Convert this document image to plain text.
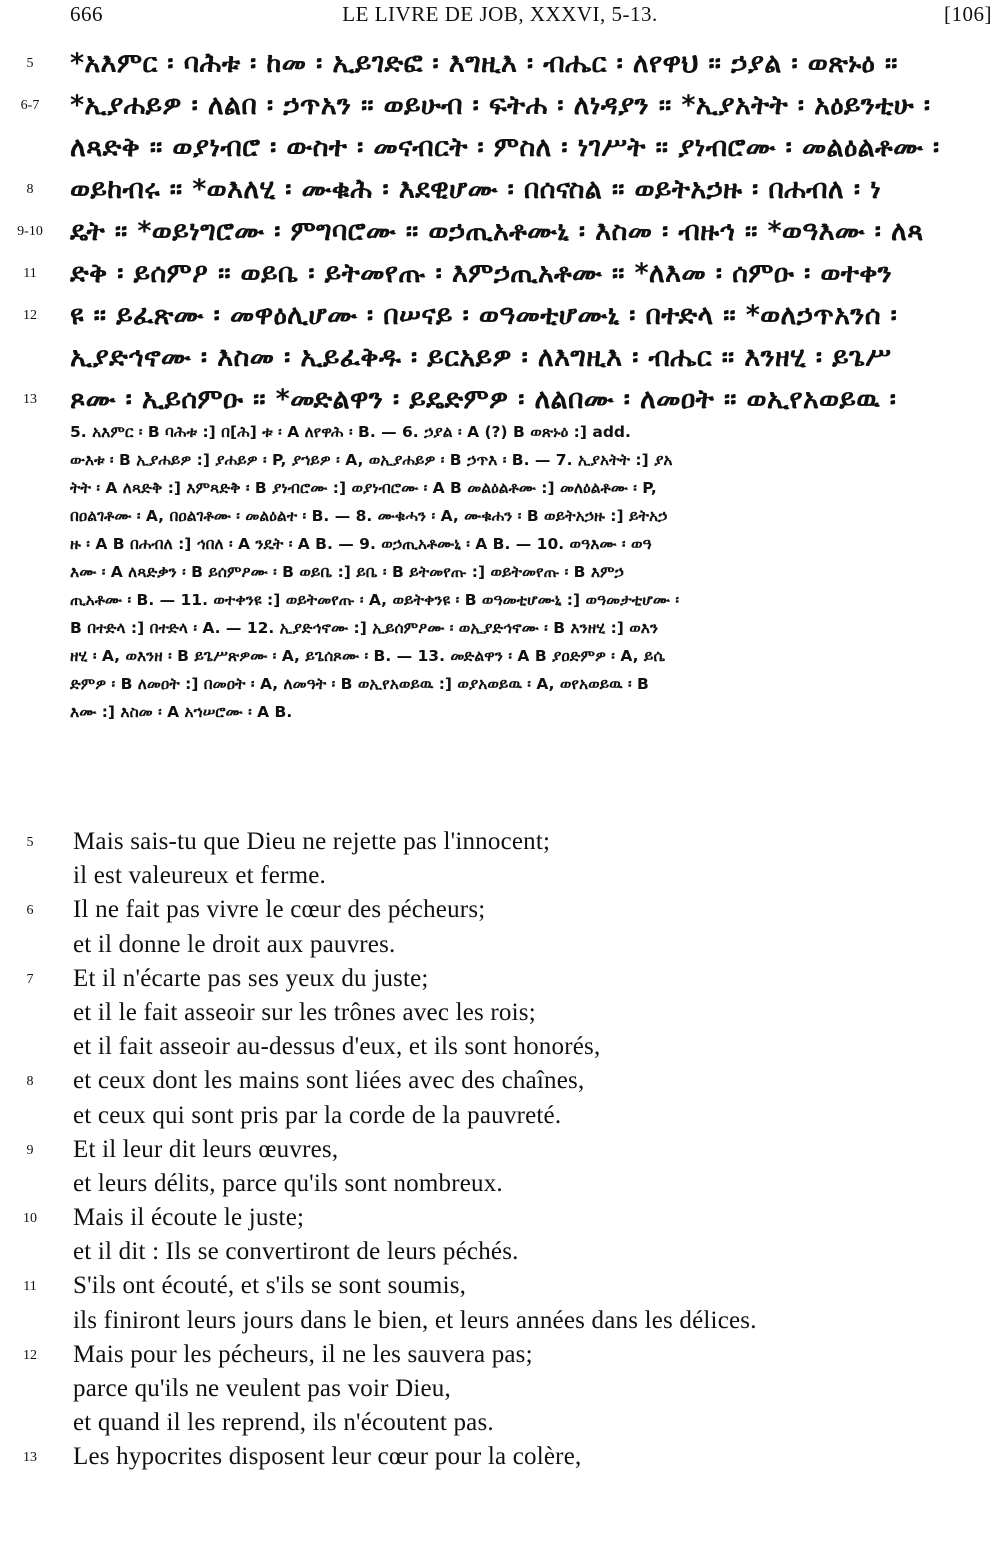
666	LE LIVRE DE JOB, XXXVI, 5-13.	[106]
5	*አእምር ፡ ባሕቱ ፡ ከመ ፡ ኢይገድፎ ፡ እግዚእ ፡ ብሔር ፡ ለየዋህ ። ኃያል ፡ ወጽኑዕ ።
6-7	*ኢያሐይዎ ፡ ለልበ ፡ ኃጥአን ። ወይሁብ ፡ ፍትሐ ፡ ለነዳያን ። *ኢያአትት ፡ አዕይንቲሁ ፡
ለጻድቅ ። ወያነብሮ ፡ ውስተ ፡ መናብርት ፡ ምስለ ፡ ነገሥት ። ያነብሮሙ ፡ መልዕልቶሙ ፡
8	ወይከብሩ ። *ወእለሂ ፡ ሙቁሕ ፡ እደዊሆሙ ፡ በሰናስል ። ወይትአኃዙ ፡ በሐብለ ፡ ነ
9-10	ዴት ። *ወይነግሮሙ ፡ ምግባሮሙ ። ወኃጢአቶሙኒ ፡ እስመ ፡ ብዙኅ ። *ወዓእሙ ፡ ለጻ
11	ድቅ ፡ ይሰምዖ ። ወይቤ ፡ ይትመየጡ ፡ እምኃጢአቶሙ ። *ለእመ ፡ ሰምዑ ፡ ወተቀን
12	ዩ ። ይፈጽሙ ፡ መዋዕሊሆሙ ፡ በሠናይ ፡ ወዓመቲሆሙኒ ፡ በተድላ ። *ወለኃጥአንሰ ፡
ኢያድኅኖሙ ፡ እስመ ፡ ኢይፈቅዱ ፡ ይርአይዎ ፡ ለእግዚእ ፡ ብሔር ። እንዘሂ ፡ ይጌሥ
13	ጾሙ ፡ ኢይሰምዑ ። *መድልዋን ፡ ይዴድምዎ ፡ ለልበሙ ፡ ለመዐት ። ወኢየአወይዉ ፡
5. አእምር ፡ B ባሕቱ :] በ[ሕ] ቱ ፡ A ለየዋሕ ፡ B. — 6. ኃያል ፡ A (?) B ወጽኑዕ :] add.
ውእቱ ፡ B ኢያሐይዎ :] ያሐይዎ ፡ P, ያኀይዎ ፡ A, ወኢያሐይዎ ፡ B ኃጥእ ፡ B. — 7. ኢያአትት :] ያአ
ትት ፡ A ለጻድቅ :] እምጻድቅ ፡ B ያነብሮሙ :] ወያነብሮሙ ፡ A B መልዕልቶሙ :] መለዕልቶሙ ፡ P,
በዐልገቶሙ ፡ A, በዐልገቶሙ ፡ መልዕልተ ፡ B. — 8. ሙቁሓን ፡ A, ሙቁሐን ፡ B ወይትአኃዙ :] ይትአኃ
ዙ ፡ A B በሐብለ :] ኅበለ ፡ A ንዴት ፡ A B. — 9. ወኃጢአቶሙኒ ፡ A B. — 10. ወዓእሙ ፡ ወዓ
እሙ ፡ A ለጻድቃን ፡ B ይሰምዖሙ ፡ B ወይቤ :] ይቤ ፡ B ይትመየጡ :] ወይትመየጡ ፡ B እምኃ
ጢአቶሙ ፡ B. — 11. ወተቀንዩ :] ወይትመየጡ ፡ A, ወይትቀንዩ ፡ B ወዓመቲሆሙኒ :] ወዓመታቲሆሙ ፡
B በተድላ :] በተድላ ፡ A. — 12. ኢያድኅኖሙ :] ኢይሰምዖሙ ፡ ወኢያድኅኖሙ ፡ B እንዘሂ :] ወእን
ዘሂ ፡ A, ወእንዘ ፡ B ይጌሥጽዎሙ ፡ A, ይጌሰጾሙ ፡ B. — 13. መድልዋን ፡ A B ያዐድምዎ ፡ A, ይሴ
ድምዎ ፡ B ለመዐት :] በመዐት ፡ A, ለመዓት ፡ B ወኢየአወይዉ :] ወያአወይዉ ፡ A, ወየአወይዉ ፡ B
እሙ :] እስመ ፡ A አኀሠሮሙ ፡ A B.
5	Mais sais-tu que Dieu ne rejette pas l'innocent;
il est valeureux et ferme.
6	Il ne fait pas vivre le cœur des pécheurs;
et il donne le droit aux pauvres.
7	Et il n'écarte pas ses yeux du juste;
et il le fait asseoir sur les trônes avec les rois;
et il fait asseoir au-dessus d'eux, et ils sont honorés,
8	et ceux dont les mains sont liées avec des chaînes,
et ceux qui sont pris par la corde de la pauvreté.
9	Et il leur dit leurs œuvres,
et leurs délits, parce qu'ils sont nombreux.
10	Mais il écoute le juste;
et il dit : Ils se convertiront de leurs péchés.
11	S'ils ont écouté, et s'ils se sont soumis,
ils finiront leurs jours dans le bien, et leurs années dans les délices.
12	Mais pour les pécheurs, il ne les sauvera pas;
parce qu'ils ne veulent pas voir Dieu,
et quand il les reprend, ils n'écoutent pas.
13	Les hypocrites disposent leur cœur pour la colère,
